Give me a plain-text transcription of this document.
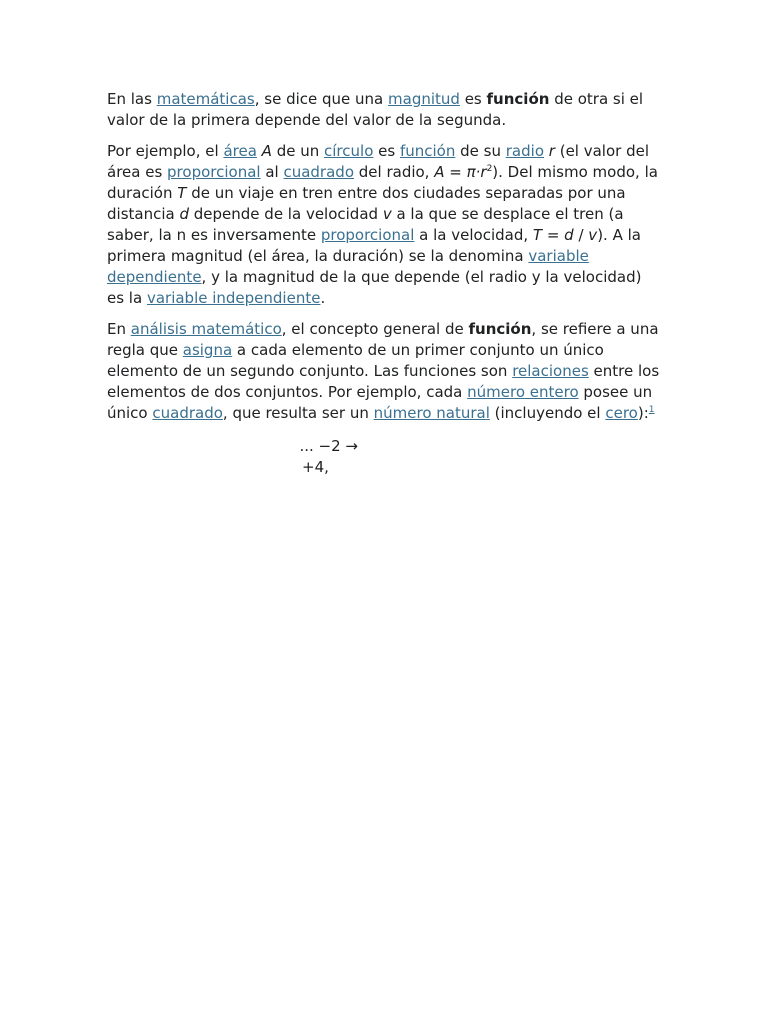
En las matemáticas, se dice que una magnitud es función de otra si el valor de la primera depende del valor de la segunda.

Por ejemplo, el área A de un círculo es función de su radio r (el valor del área es proporcional al cuadrado del radio, $A = \pi\cdot r^2$). Del mismo modo, la duración T de un viaje en tren entre dos ciudades separadas por una distancia d depende de la velocidad v a la que se desplace el tren (a saber, la n es inversamente proporcional a la velocidad, T = d / v). A la primera magnitud (el área, la duración) se la denomina variable dependiente, y la magnitud de la que depende (el radio y la velocidad) es la variable independiente.

En análisis matemático, el concepto general de función, se refiere a una regla que asigna a cada elemento de un primer conjunto un único elemento de un segundo conjunto. Las funciones son relaciones entre los elementos de dos conjuntos. Por ejemplo, cada número entero posee un único cuadrado, que resulta ser un número natural (incluyendo el cero):$^1$

... −2 →
+4,
